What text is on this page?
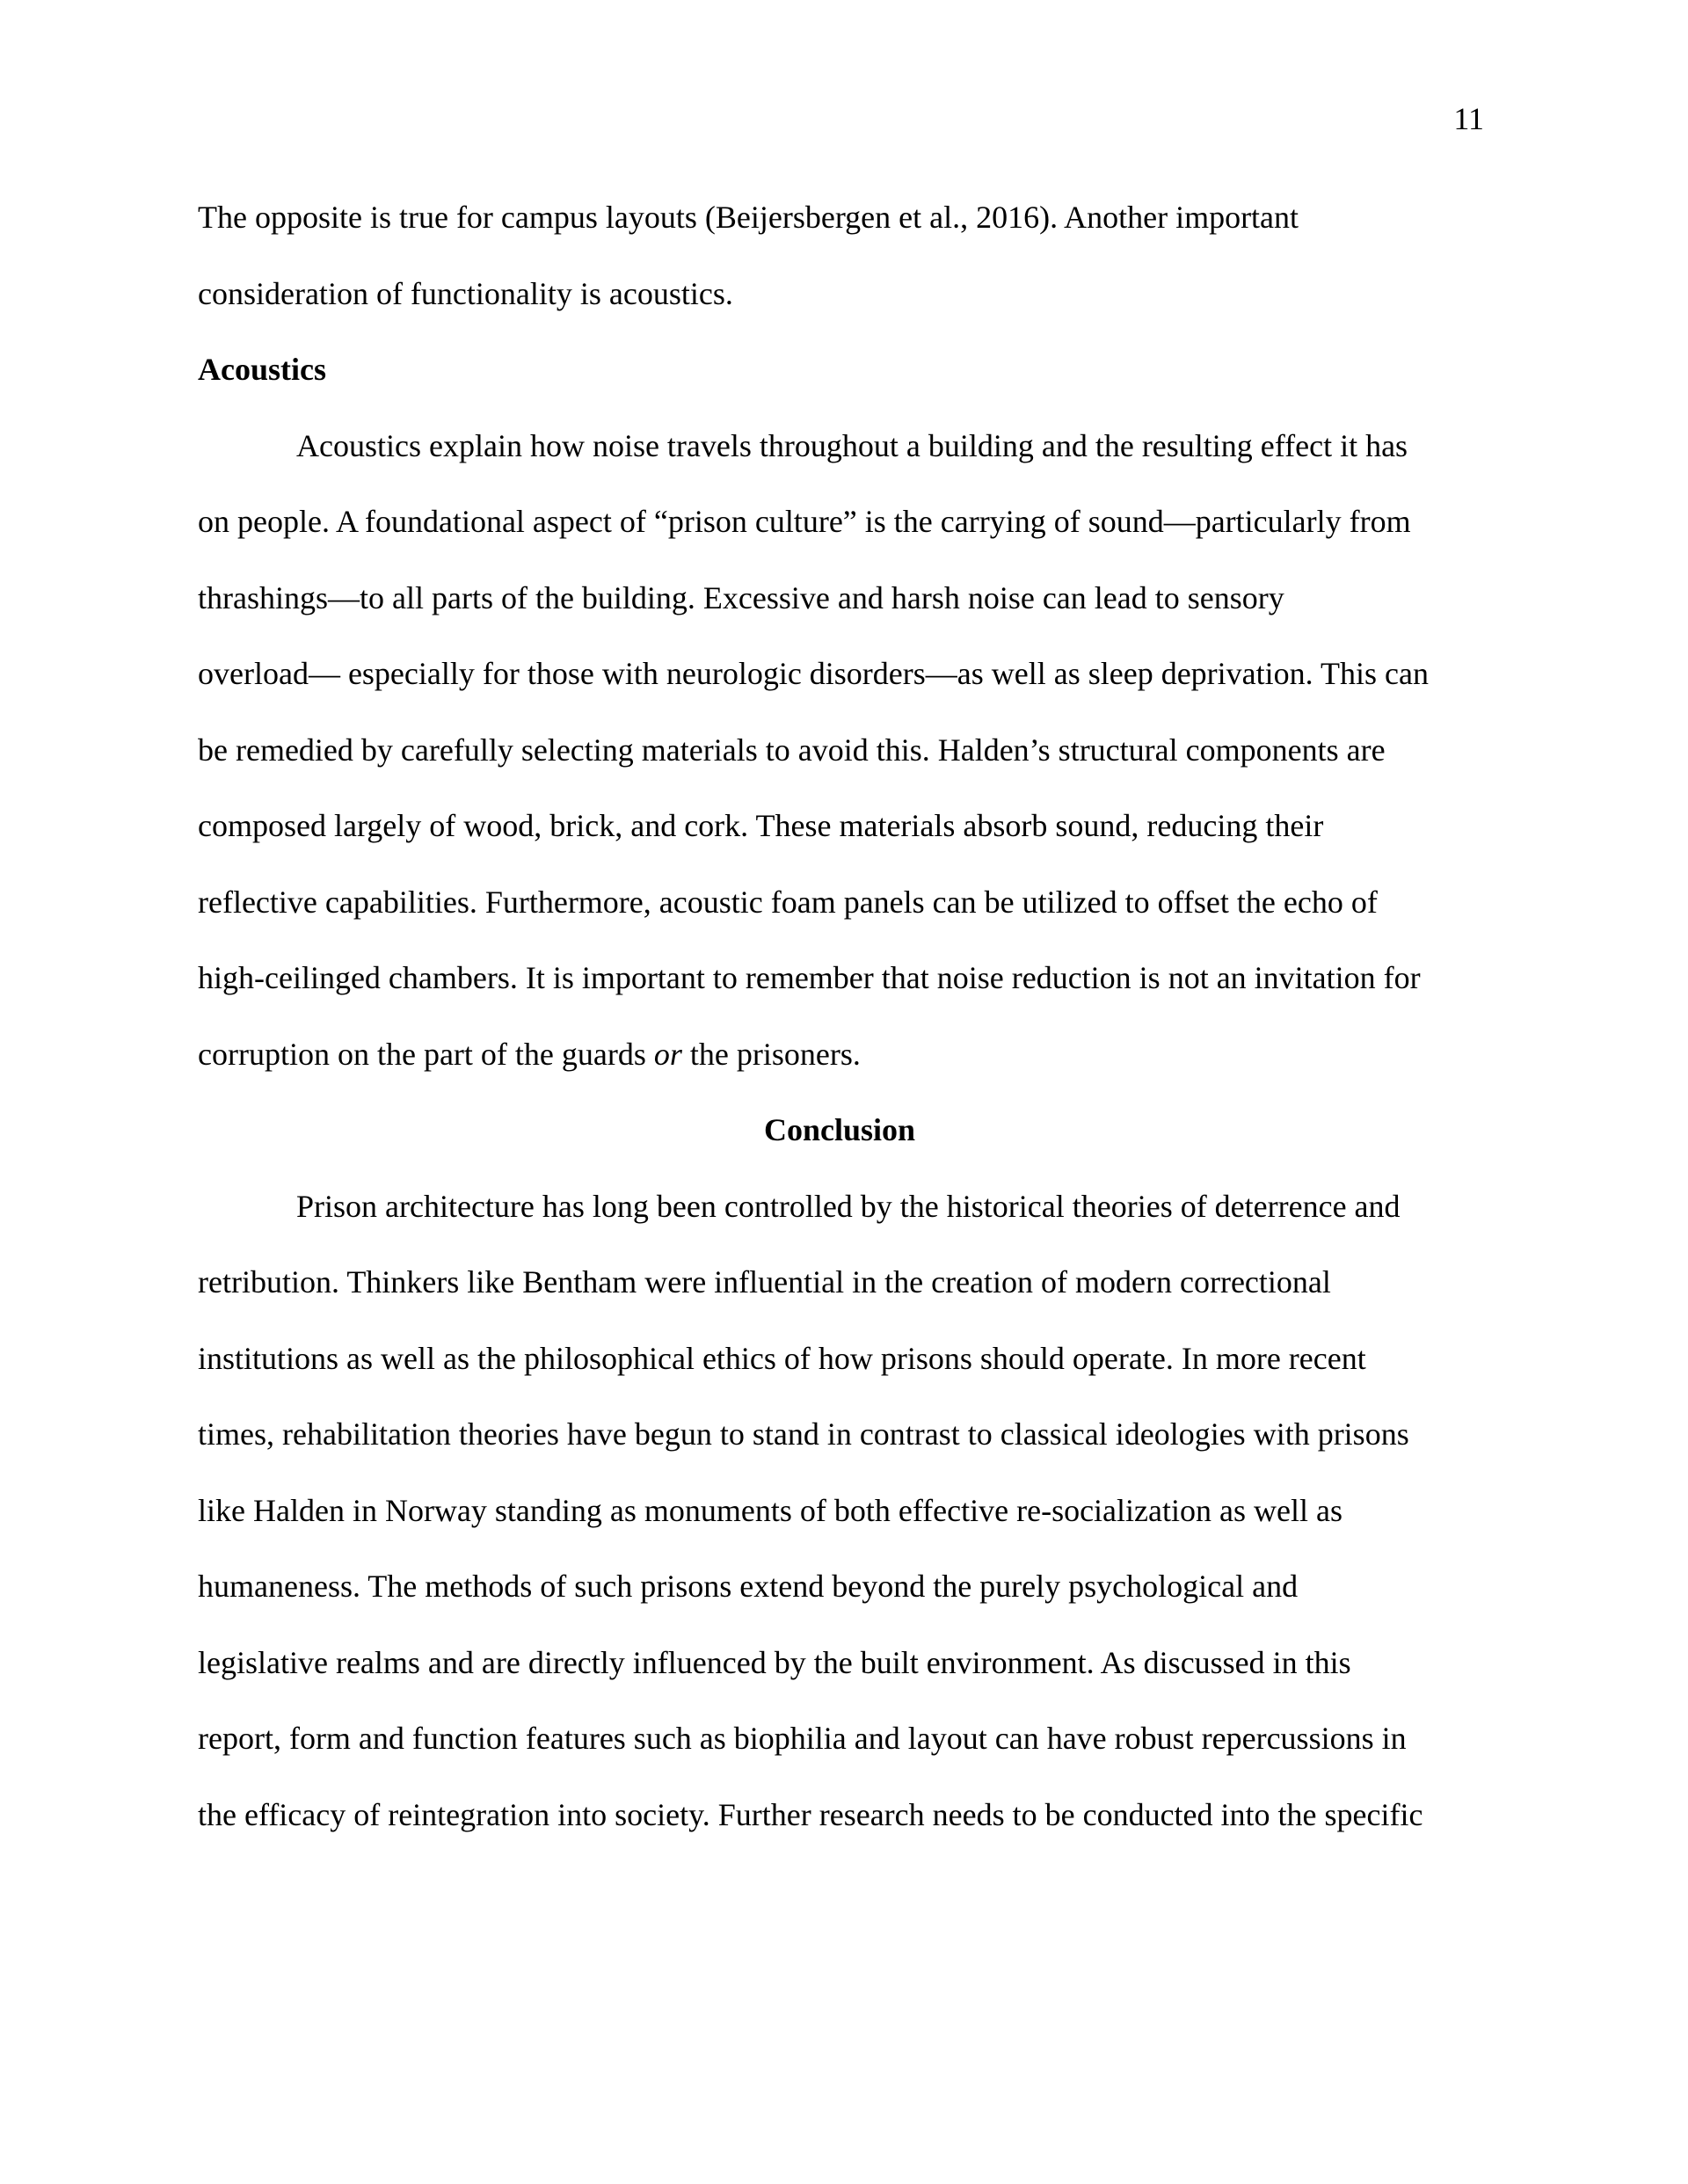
11
The opposite is true for campus layouts (Beijersbergen et al., 2016). Another important
consideration of functionality is acoustics.
Acoustics
Acoustics explain how noise travels throughout a building and the resulting effect it has
on people. A foundational aspect of “prison culture” is the carrying of sound—particularly from
thrashings—to all parts of the building. Excessive and harsh noise can lead to sensory
overload— especially for those with neurologic disorders—as well as sleep deprivation. This can
be remedied by carefully selecting materials to avoid this. Halden’s structural components are
composed largely of wood, brick, and cork. These materials absorb sound, reducing their
reflective capabilities. Furthermore, acoustic foam panels can be utilized to offset the echo of
high-ceilinged chambers. It is important to remember that noise reduction is not an invitation for
corruption on the part of the guards or the prisoners.
Conclusion
Prison architecture has long been controlled by the historical theories of deterrence and
retribution. Thinkers like Bentham were influential in the creation of modern correctional
institutions as well as the philosophical ethics of how prisons should operate. In more recent
times, rehabilitation theories have begun to stand in contrast to classical ideologies with prisons
like Halden in Norway standing as monuments of both effective re-socialization as well as
humaneness. The methods of such prisons extend beyond the purely psychological and
legislative realms and are directly influenced by the built environment. As discussed in this
report, form and function features such as biophilia and layout can have robust repercussions in
the efficacy of reintegration into society. Further research needs to be conducted into the specific
